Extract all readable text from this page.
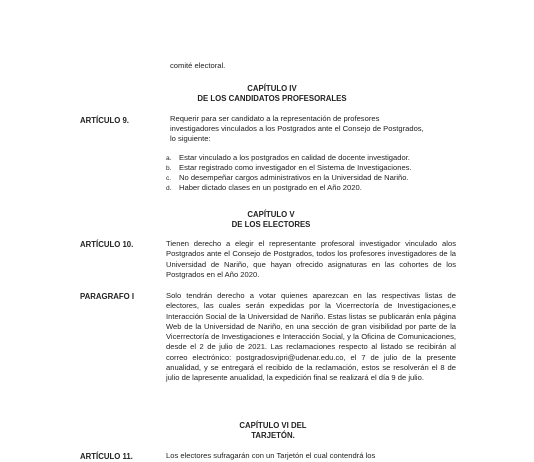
comité electoral.
CAPÍTULO IV
DE LOS CANDIDATOS PROFESORALES
ARTÍCULO 9.	Requerir para ser candidato a la representación de profesores
investigadores vinculados a los Postgrados ante el Consejo de Postgrados,
lo siguiente:
a. Estar vinculado a los postgrados en calidad de docente investigador.
b. Estar registrado como investigador en el Sistema de Investigaciones.
c. No desempeñar cargos administrativos en la Universidad de Nariño.
d. Haber dictado clases en un postgrado en el Año 2020.
CAPÍTULO V
DE LOS ELECTORES
ARTÍCULO 10.	Tienen derecho a elegir el representante profesoral investigador vinculado alos Postgrados ante el Consejo de Postgrados, todos los profesores investigadores de la Universidad de Nariño, que hayan ofrecido asignaturas en las cohortes de los Postgrados en el Año 2020.
PARAGRAFO I	Solo tendrán derecho a votar quienes aparezcan en las respectivas listas de electores, las cuales serán expedidas por la Vicerrectoría de Investigaciones,e Interacción Social de la Universidad de Nariño. Estas listas se publicarán enla página Web de la Universidad de Nariño, en una sección de gran visibilidad por parte de la Vicerrectoría de Investigaciones e Interacción Social, y la Oficina de Comunicaciones, desde el 2 de julio de 2021. Las reclamaciones respecto al listado se recibirán al correo electrónico: postgradosvipri@udenar.edu.co, el 7 de julio de la presente anualidad, y se entregará el recibido de la reclamación, estos se resolverán el 8 de julio de lapresente anualidad, la expedición final se realizará el día 9 de julio.
CAPÍTULO VI DEL
TARJETÓN.
ARTÍCULO 11.	Los electores sufragarán con un Tarjetón el cual contendrá los
